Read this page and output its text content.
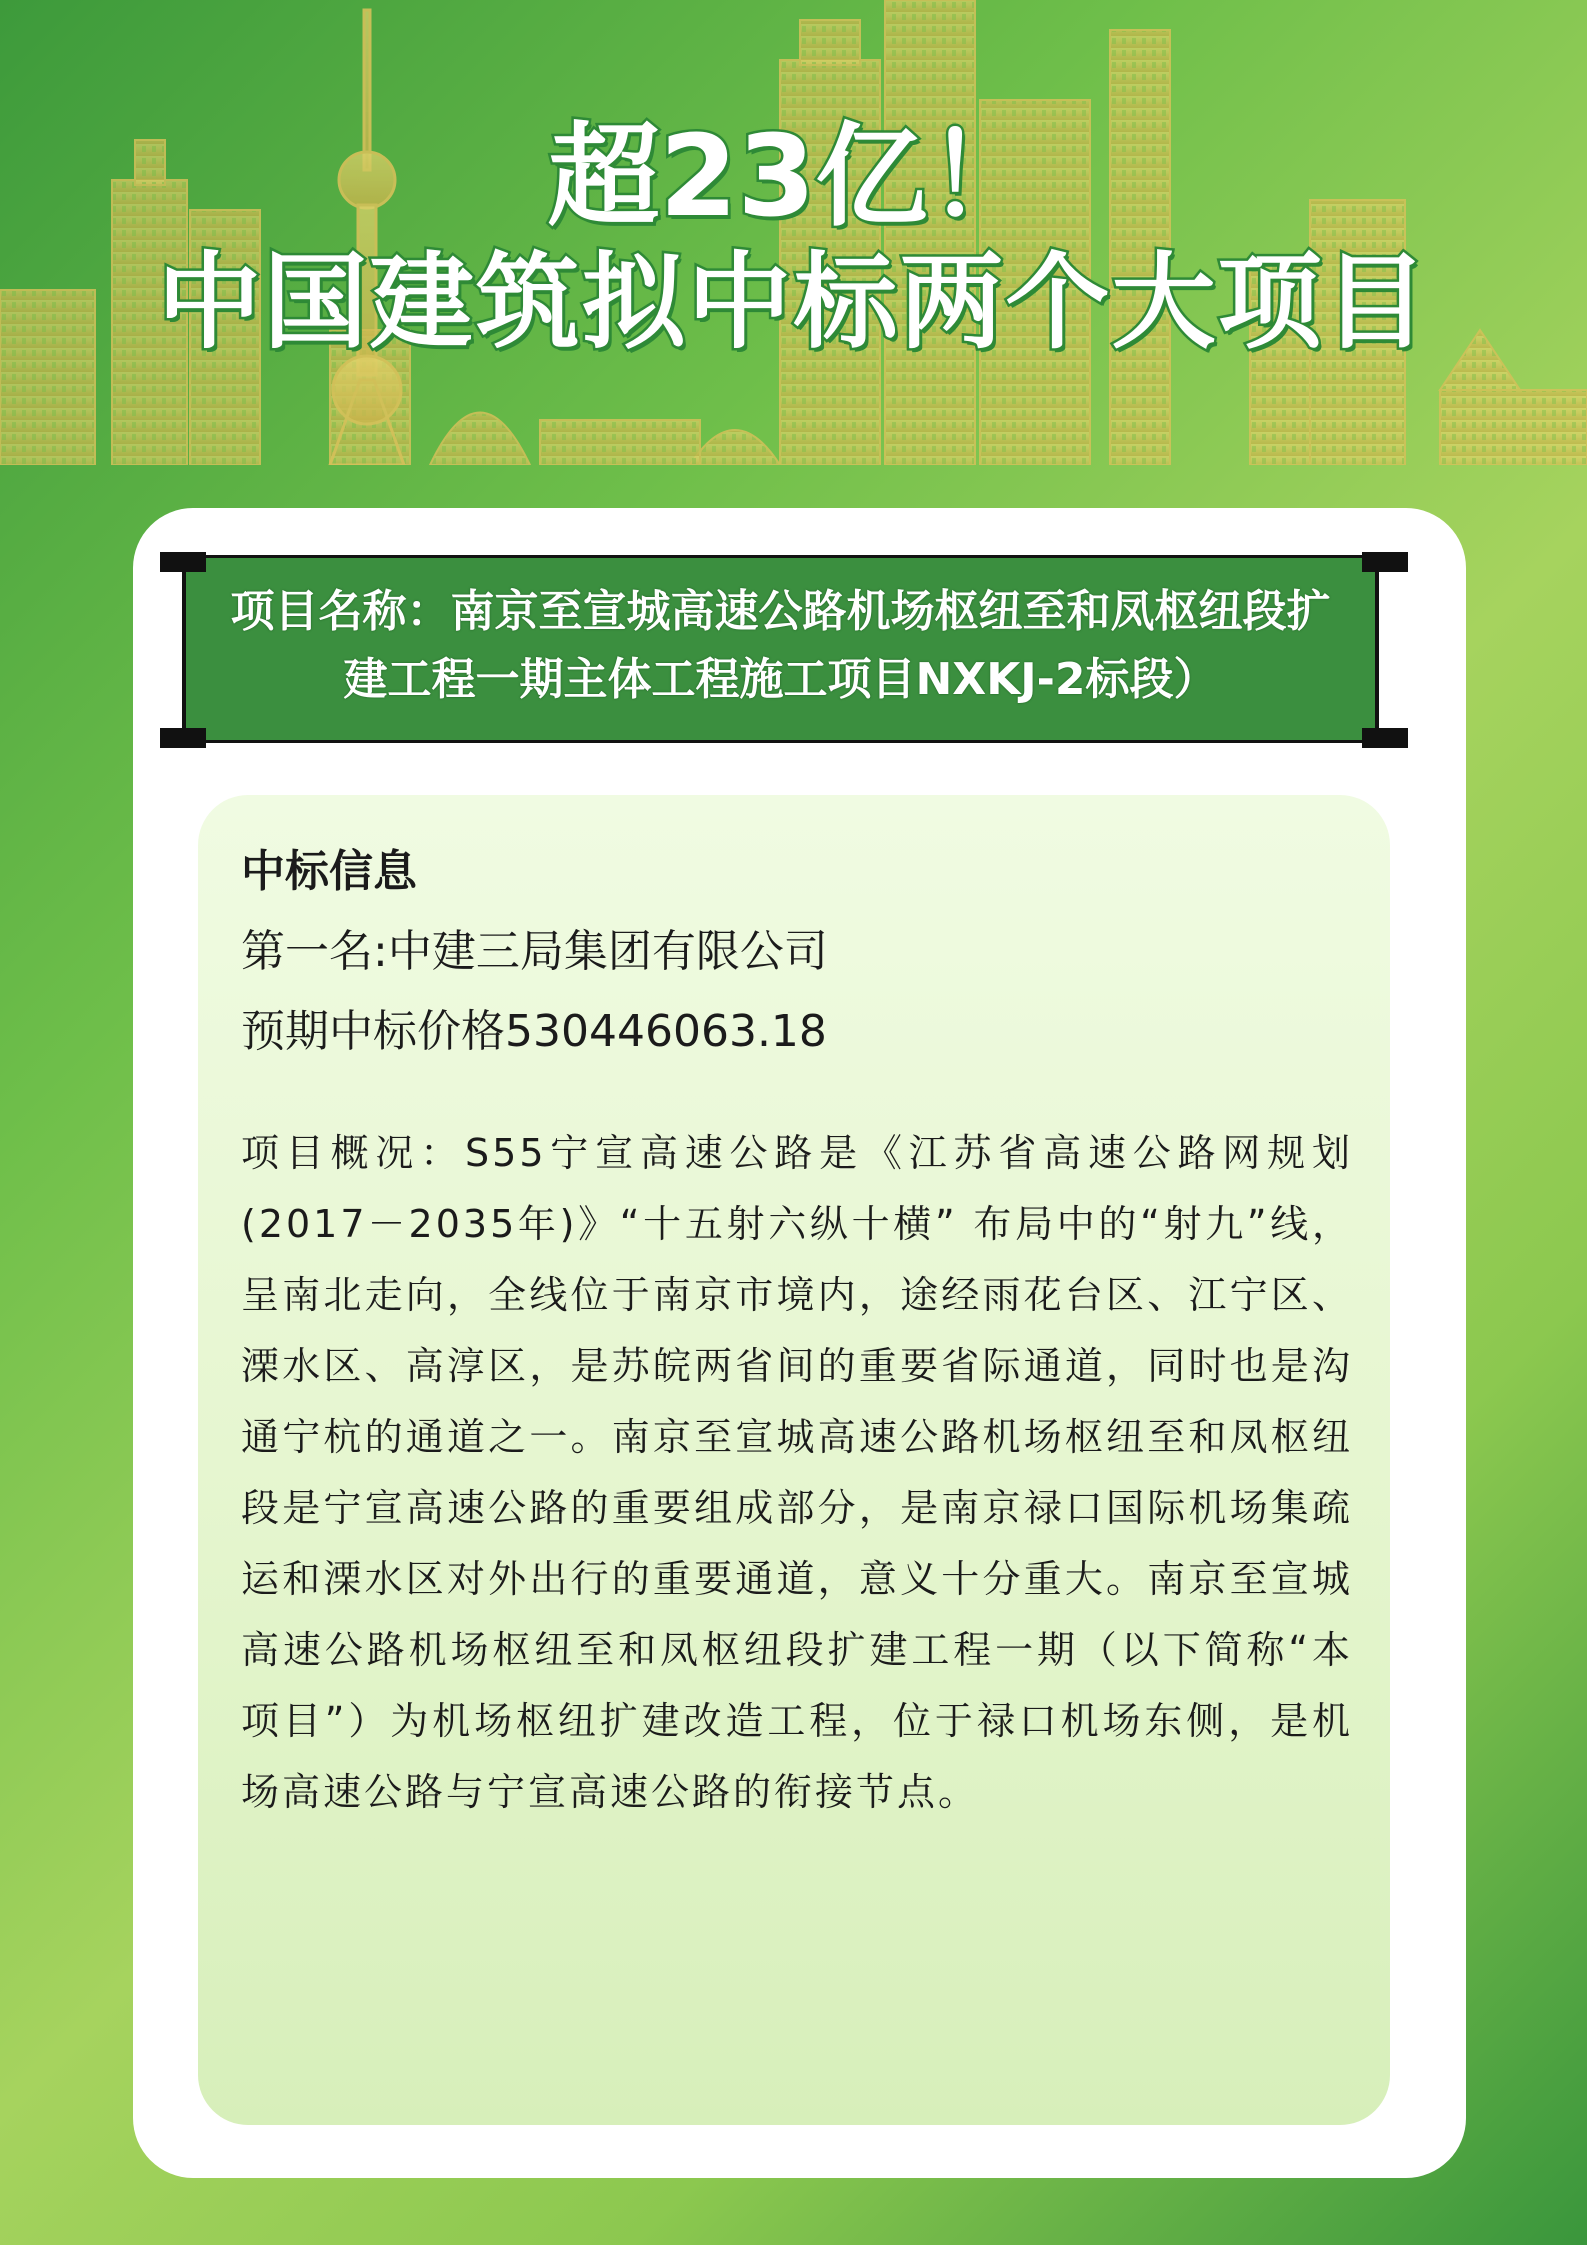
超23亿！
中国建筑拟中标两个大项目
项目名称：南京至宣城高速公路机场枢纽至和凤枢纽段扩建工程一期主体工程施工项目NXKJ-2标段）
中标信息
第一名:中建三局集团有限公司
预期中标价格530446063.18
项目概况：S55宁宣高速公路是《江苏省高速公路网规划(2017－2035年)》“十五射六纵十横” 布局中的“射九”线，呈南北走向，全线位于南京市境内，途经雨花台区、江宁区、溧水区、高淳区，是苏皖两省间的重要省际通道，同时也是沟通宁杭的通道之一。南京至宣城高速公路机场枢纽至和凤枢纽段是宁宣高速公路的重要组成部分，是南京禄口国际机场集疏运和溧水区对外出行的重要通道，意义十分重大。南京至宣城高速公路机场枢纽至和凤枢纽段扩建工程一期（以下简称“本项目”）为机场枢纽扩建改造工程，位于禄口机场东侧，是机场高速公路与宁宣高速公路的衔接节点。
